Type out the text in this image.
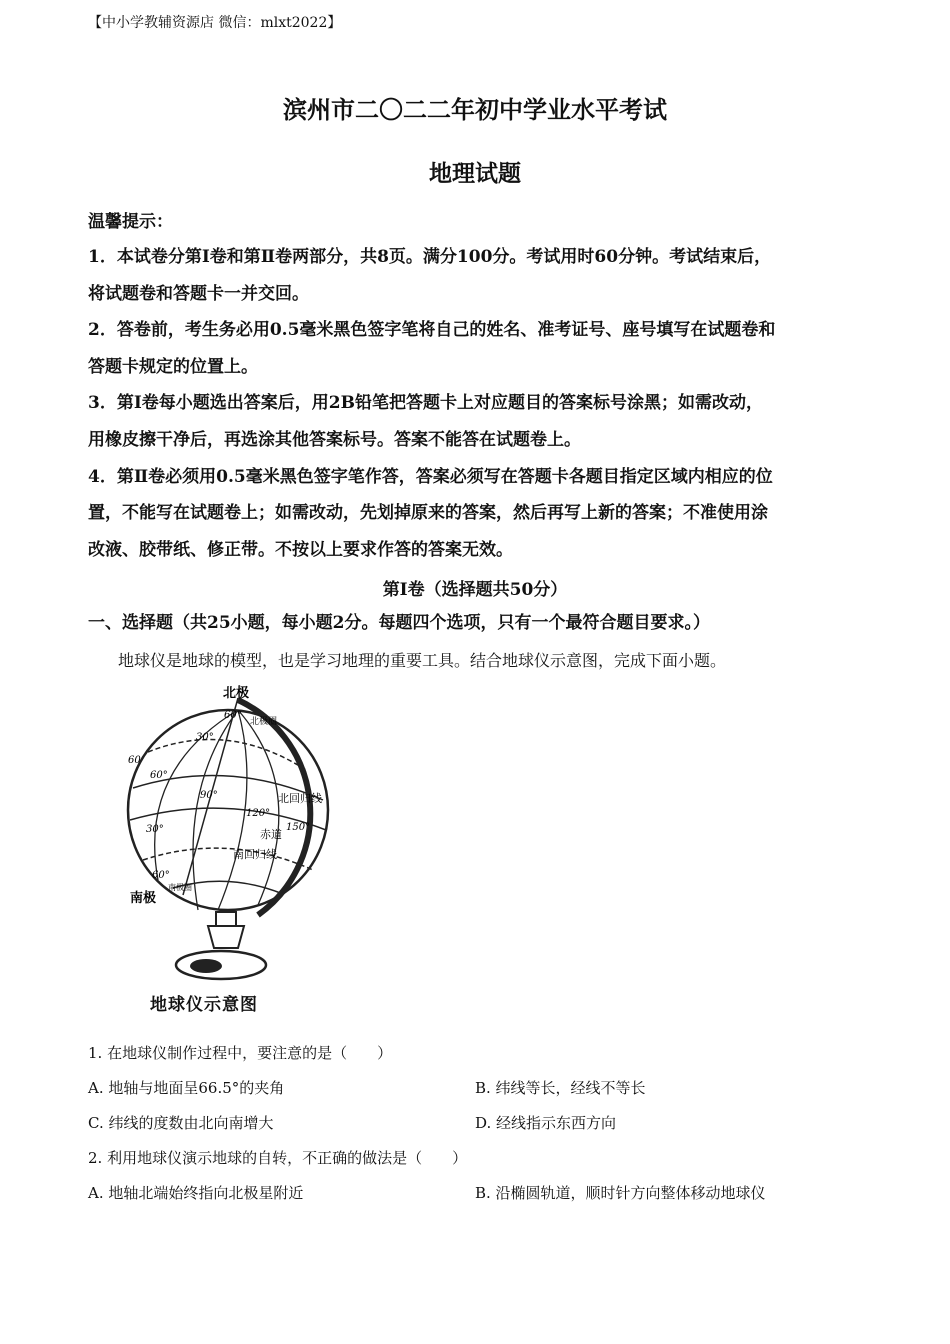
【中小学教辅资源店 微信：mlxt2022】
滨州市二〇二二年初中学业水平考试
地理试题
温馨提示：
1．本试卷分第Ⅰ卷和第Ⅱ卷两部分，共8页。满分100分。考试用时60分钟。考试结束后，
将试题卷和答题卡一并交回。
2．答卷前，考生务必用0.5毫米黑色签字笔将自己的姓名、准考证号、座号填写在试题卷和
答题卡规定的位置上。
3．第Ⅰ卷每小题选出答案后，用2B铅笔把答题卡上对应题目的答案标号涂黑；如需改动，
用橡皮擦干净后，再选涂其他答案标号。答案不能答在试题卷上。
4．第Ⅱ卷必须用0.5毫米黑色签字笔作答，答案必须写在答题卡各题目指定区域内相应的位
置，不能写在试题卷上；如需改动，先划掉原来的答案，然后再写上新的答案；不准使用涂
改液、胶带纸、修正带。不按以上要求作答的答案无效。
第Ⅰ卷（选择题共50分）
一、选择题（共25小题，每小题2分。每题四个选项，只有一个最符合题目要求。）
地球仪是地球的模型，也是学习地理的重要工具。结合地球仪示意图，完成下面小题。
北极
南极
北极圈
南极圈
北回归线
赤道
南回归线
60°
30°
60°
60
90°
120°
150°
30°
60°
地球仪示意图
1. 在地球仪制作过程中，要注意的是（　　）
A. 地轴与地面呈66.5°的夹角	B. 纬线等长，经线不等长
C. 纬线的度数由北向南增大	D. 经线指示东西方向
2. 利用地球仪演示地球的自转，不正确的做法是（　　）
A. 地轴北端始终指向北极星附近	B. 沿椭圆轨道，顺时针方向整体移动地球仪
